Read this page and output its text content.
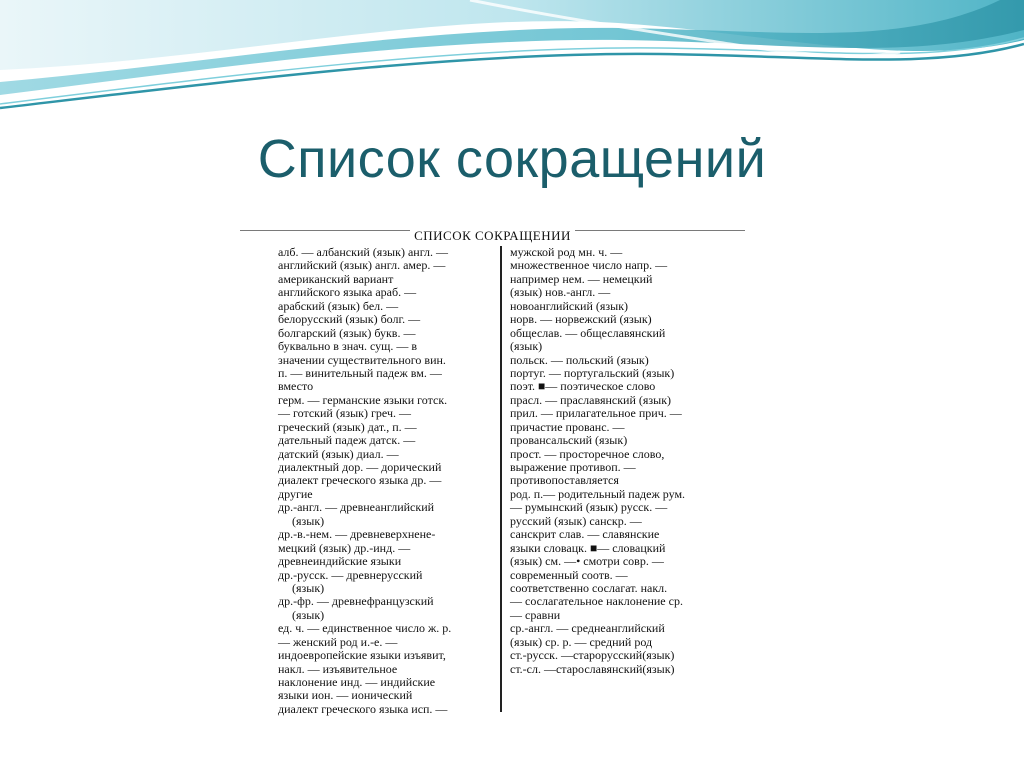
Список сокращений
СПИСОК СОКРАЩЕНИИ
алб. — албанский (язык) англ. —
английский (язык) англ. амер. —
американский вариант
английского языка араб. —
арабский (язык) бел. —
белорусский (язык) болг. —
болгарский (язык) букв. —
буквально в знач. сущ. — в
значении существительного вин.
п. — винительный падеж вм. —
вместо
герм. — германские языки готск.
— готский (язык) греч. —
греческий (язык) дат., п. —
дательный падеж датск. —
датский (язык) диал. —
диалектный дор. — дорический
диалект греческого языка др. —
другие
др.-англ. — древнеанглийский
(язык)
др.-в.-нем. — древневерхнене-
мецкий (язык) др.-инд. —
древнеиндийские языки
др.-русск. — древнерусский
(язык)
др.-фр. — древнефранцузский
(язык)
ед. ч. — единственное число ж. р.
— женский род и.-е. —
индоевропейские языки изъявит,
накл. — изъявительное
наклонение инд. — индийские
языки ион. — ионический
диалект греческого языка исп. —
мужской род мн. ч. —
множественное число напр. —
например нем. — немецкий
(язык) нов.-англ. —
новоанглийский (язык)
норв. — норвежский (язык)
общеслав. — общеславянский
(язык)
польск. — польский (язык)
португ. — португальский (язык)
поэт. ■— поэтическое слово
прасл. — праславянский (язык)
прил. — прилагательное прич. —
причастие прованс. —
провансальский (язык)
прост. — просторечное слово,
выражение противоп. —
противопоставляется
род. п.— родительный падеж рум.
— румынский (язык) русск. —
русский (язык) санскр. —
санскрит слав. — славянские
языки словацк. ■— словацкий
(язык) см. —• смотри совр. —
современный соотв. —
соответственно сослагат. накл.
— сослагательное наклонение ср.
— сравни
ср.-англ. — среднеанглийский
(язык) ср. р. — средний род
ст.-русск. —старорусский(язык)
ст.-сл. —старославянский(язык)
